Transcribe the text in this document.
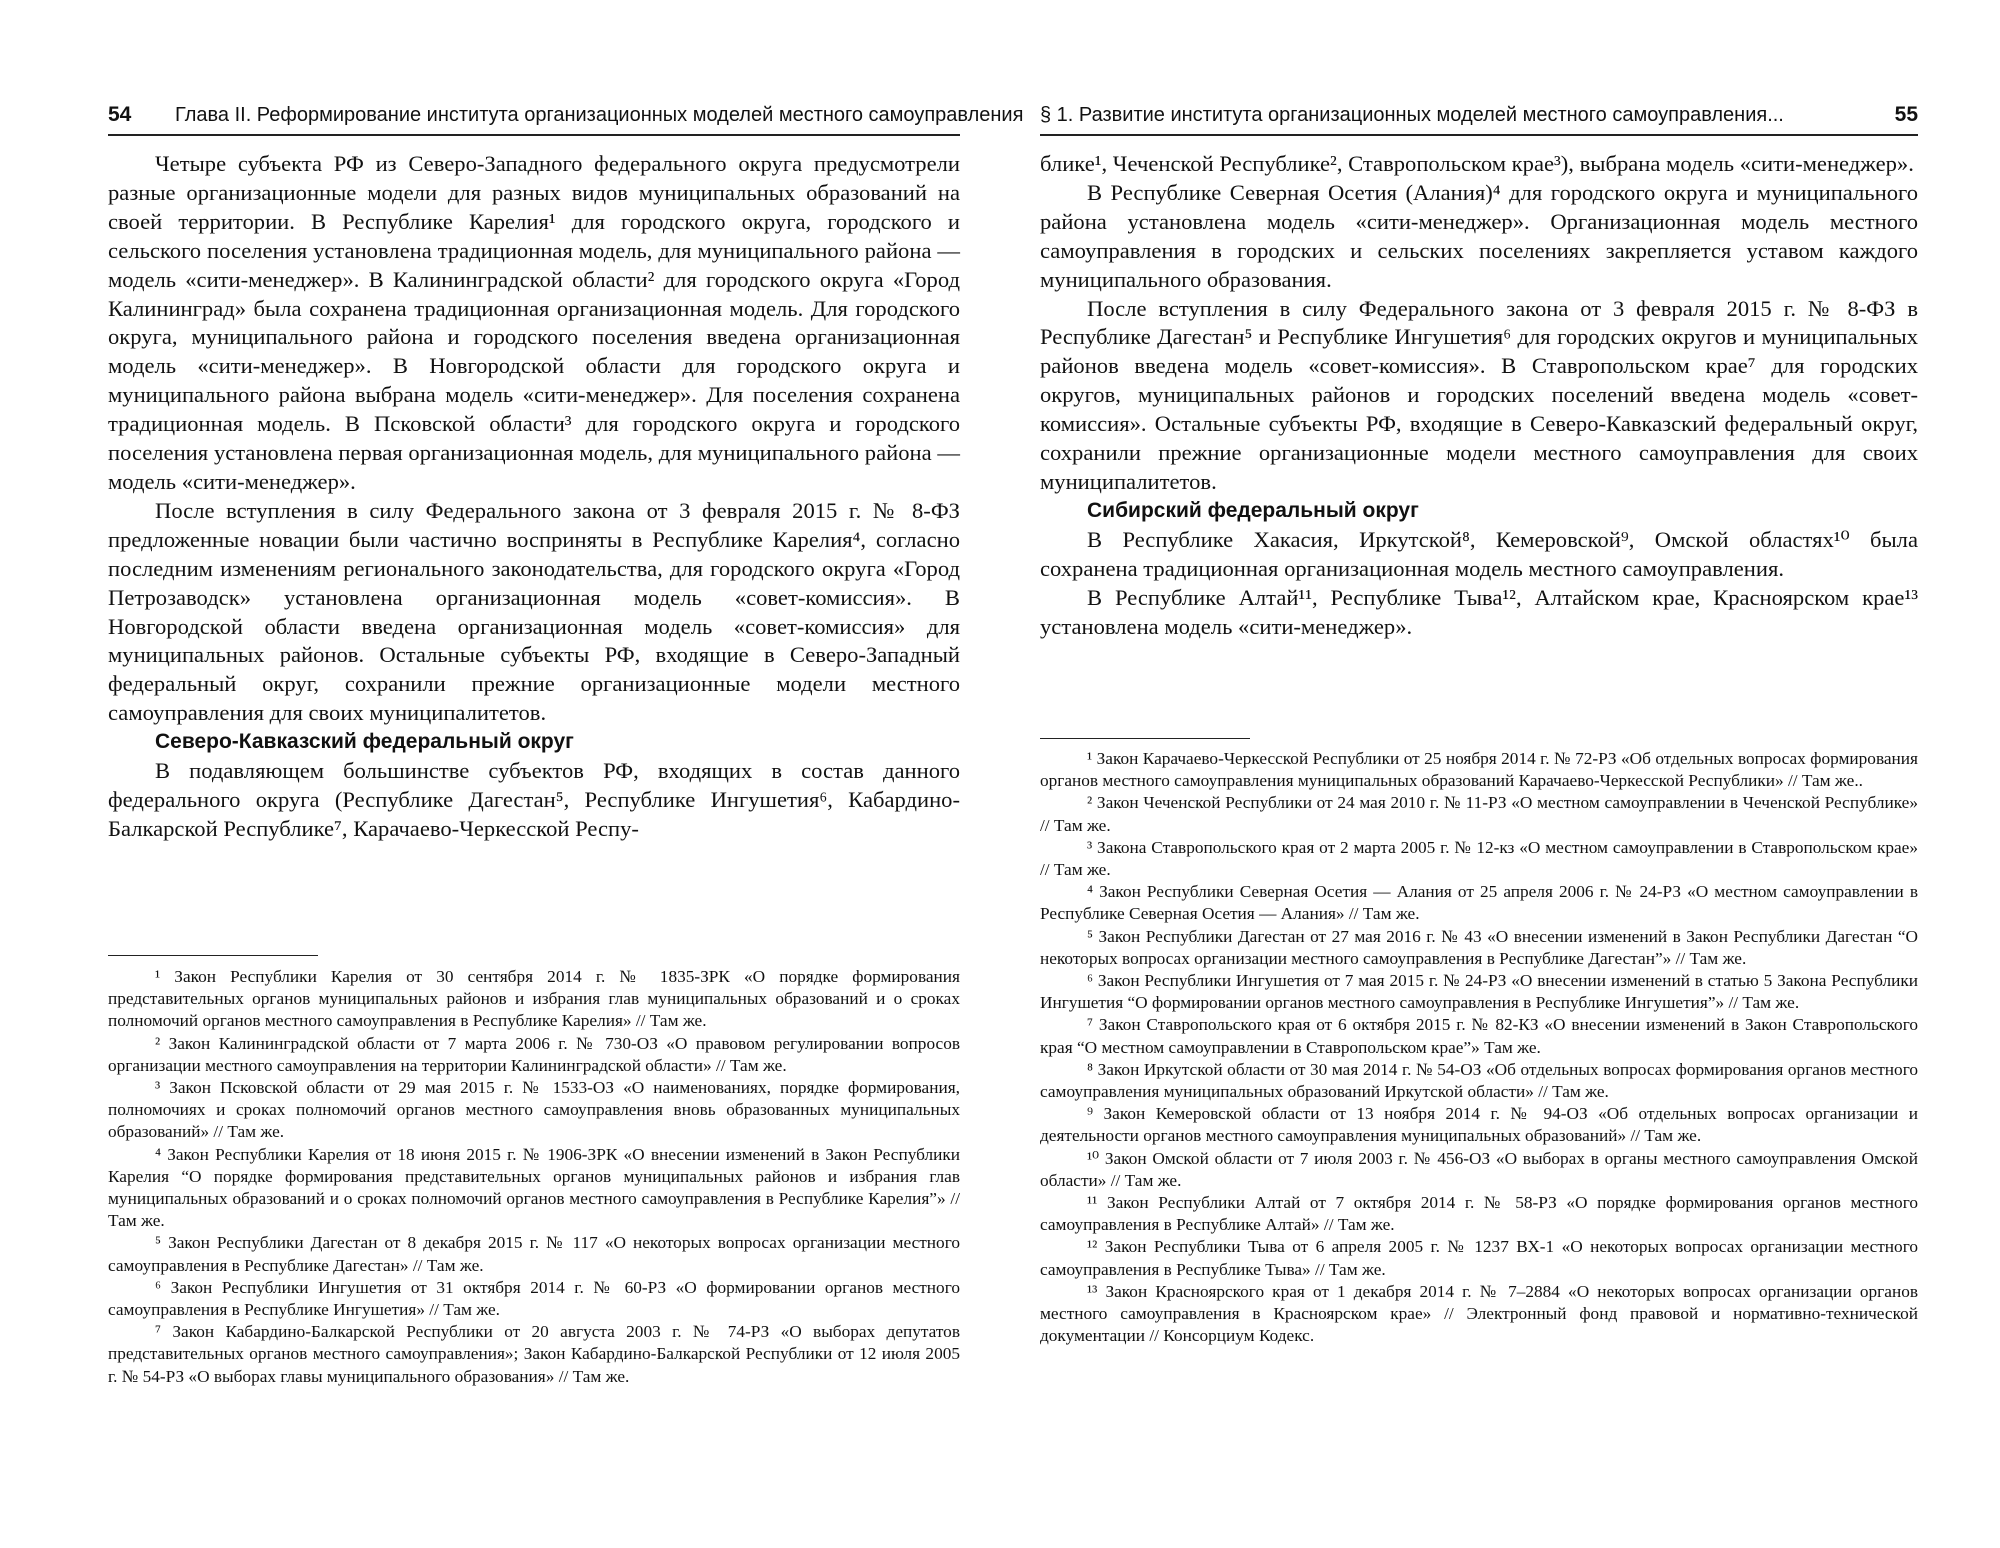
54 Глава II. Реформирование института организационных моделей местного самоуправления

Четыре субъекта РФ из Северо-Западного федерального округа предусмотрели разные организационные модели для разных видов муниципальных образований на своей территории. В Республике Карелия¹ для городского округа, городского и сельского поселения установлена традиционная модель, для муниципального района — модель «сити-менеджер». В Калининградской области² для городского округа «Город Калининград» была сохранена традиционная организационная модель. Для городского округа, муниципального района и городского поселения введена организационная модель «сити-менеджер». В Новгородской области для городского округа и муниципального района выбрана модель «сити-менеджер». Для поселения сохранена традиционная модель. В Псковской области³ для городского округа и городского поселения установлена первая организационная модель, для муниципального района — модель «сити-менеджер».

После вступления в силу Федерального закона от 3 февраля 2015 г. № 8-ФЗ предложенные новации были частично восприняты в Республике Карелия⁴, согласно последним изменениям регионального законодательства, для городского округа «Город Петрозаводск» установлена организационная модель «совет-комиссия». В Новгородской области введена организационная модель «совет-комиссия» для муниципальных районов. Остальные субъекты РФ, входящие в Северо-Западный федеральный округ, сохранили прежние организационные модели местного самоуправления для своих муниципалитетов.

Северо-Кавказский федеральный округ

В подавляющем большинстве субъектов РФ, входящих в состав данного федерального округа (Республике Дагестан⁵, Республике Ингушетия⁶, Кабардино-Балкарской Республике⁷, Карачаево-Черкесской Респу-

¹ Закон Республики Карелия от 30 сентября 2014 г. № 1835-ЗРК «О порядке формирования представительных органов муниципальных районов и избрания глав муниципальных образований и о сроках полномочий органов местного самоуправления в Республике Карелия» // Там же.

² Закон Калининградской области от 7 марта 2006 г. № 730-ОЗ «О правовом регулировании вопросов организации местного самоуправления на территории Калининградской области» // Там же.

³ Закон Псковской области от 29 мая 2015 г. № 1533-ОЗ «О наименованиях, порядке формирования, полномочиях и сроках полномочий органов местного самоуправления вновь образованных муниципальных образований» // Там же.

⁴ Закон Республики Карелия от 18 июня 2015 г. № 1906-ЗРК «О внесении изменений в Закон Республики Карелия “О порядке формирования представительных органов муниципальных районов и избрания глав муниципальных образований и о сроках полномочий органов местного самоуправления в Республике Карелия”» // Там же.

⁵ Закон Республики Дагестан от 8 декабря 2015 г. № 117 «О некоторых вопросах организации местного самоуправления в Республике Дагестан» // Там же.

⁶ Закон Республики Ингушетия от 31 октября 2014 г. № 60-РЗ «О формировании органов местного самоуправления в Республике Ингушетия» // Там же.

⁷ Закон Кабардино-Балкарской Республики от 20 августа 2003 г. № 74-РЗ «О выборах депутатов представительных органов местного самоуправления»; Закон Кабардино-Балкарской Республики от 12 июля 2005 г. № 54-РЗ «О выборах главы муниципального образования» // Там же.

§ 1. Развитие института организационных моделей местного самоуправления...	55

блике¹, Чеченской Республике², Ставропольском крае³), выбрана модель «сити-менеджер».

В Республике Северная Осетия (Алания)⁴ для городского округа и муниципального района установлена модель «сити-менеджер». Организационная модель местного самоуправления в городских и сельских поселениях закрепляется уставом каждого муниципального образования.

После вступления в силу Федерального закона от 3 февраля 2015 г. № 8-ФЗ в Республике Дагестан⁵ и Республике Ингушетия⁶ для городских округов и муниципальных районов введена модель «совет-комиссия». В Ставропольском крае⁷ для городских округов, муниципальных районов и городских поселений введена модель «совет-комиссия». Остальные субъекты РФ, входящие в Северо-Кавказский федеральный округ, сохранили прежние организационные модели местного самоуправления для своих муниципалитетов.

Сибирский федеральный округ

В Республике Хакасия, Иркутской⁸, Кемеровской⁹, Омской областях¹⁰ была сохранена традиционная организационная модель местного самоуправления.

В Республике Алтай¹¹, Республике Тыва¹², Алтайском крае, Красноярском крае¹³ установлена модель «сити-менеджер».

¹ Закон Карачаево-Черкесской Республики от 25 ноября 2014 г. № 72-РЗ «Об отдельных вопросах формирования органов местного самоуправления муниципальных образований Карачаево-Черкесской Республики» // Там же..

² Закон Чеченской Республики от 24 мая 2010 г. № 11-РЗ «О местном самоуправлении в Чеченской Республике» // Там же.

³ Закона Ставропольского края от 2 марта 2005 г. № 12-кз «О местном самоуправлении в Ставропольском крае» // Там же.

⁴ Закон Республики Северная Осетия — Алания от 25 апреля 2006 г. № 24-РЗ «О местном самоуправлении в Республике Северная Осетия — Алания» // Там же.

⁵ Закон Республики Дагестан от 27 мая 2016 г. № 43 «О внесении изменений в Закон Республики Дагестан “О некоторых вопросах организации местного самоуправления в Республике Дагестан”» // Там же.

⁶ Закон Республики Ингушетия от 7 мая 2015 г. № 24-РЗ «О внесении изменений в статью 5 Закона Республики Ингушетия “О формировании органов местного самоуправления в Республике Ингушетия”» // Там же.

⁷ Закон Ставропольского края от 6 октября 2015 г. № 82-КЗ «О внесении изменений в Закон Ставропольского края “О местном самоуправлении в Ставропольском крае”» Там же.

⁸ Закон Иркутской области от 30 мая 2014 г. № 54-ОЗ «Об отдельных вопросах формирования органов местного самоуправления муниципальных образований Иркутской области» // Там же.

⁹ Закон Кемеровской области от 13 ноября 2014 г. № 94-ОЗ «Об отдельных вопросах организации и деятельности органов местного самоуправления муниципальных образований» // Там же.

¹⁰ Закон Омской области от 7 июля 2003 г. № 456-ОЗ «О выборах в органы местного самоуправления Омской области» // Там же.

¹¹ Закон Республики Алтай от 7 октября 2014 г. № 58-РЗ «О порядке формирования органов местного самоуправления в Республике Алтай» // Там же.

¹² Закон Республики Тыва от 6 апреля 2005 г. № 1237 ВХ-1 «О некоторых вопросах организации местного самоуправления в Республике Тыва» // Там же.

¹³ Закон Красноярского края от 1 декабря 2014 г. № 7–2884 «О некоторых вопросах организации органов местного самоуправления в Красноярском крае» // Электронный фонд правовой и нормативно-технической документации // Консорциум Кодекс.
